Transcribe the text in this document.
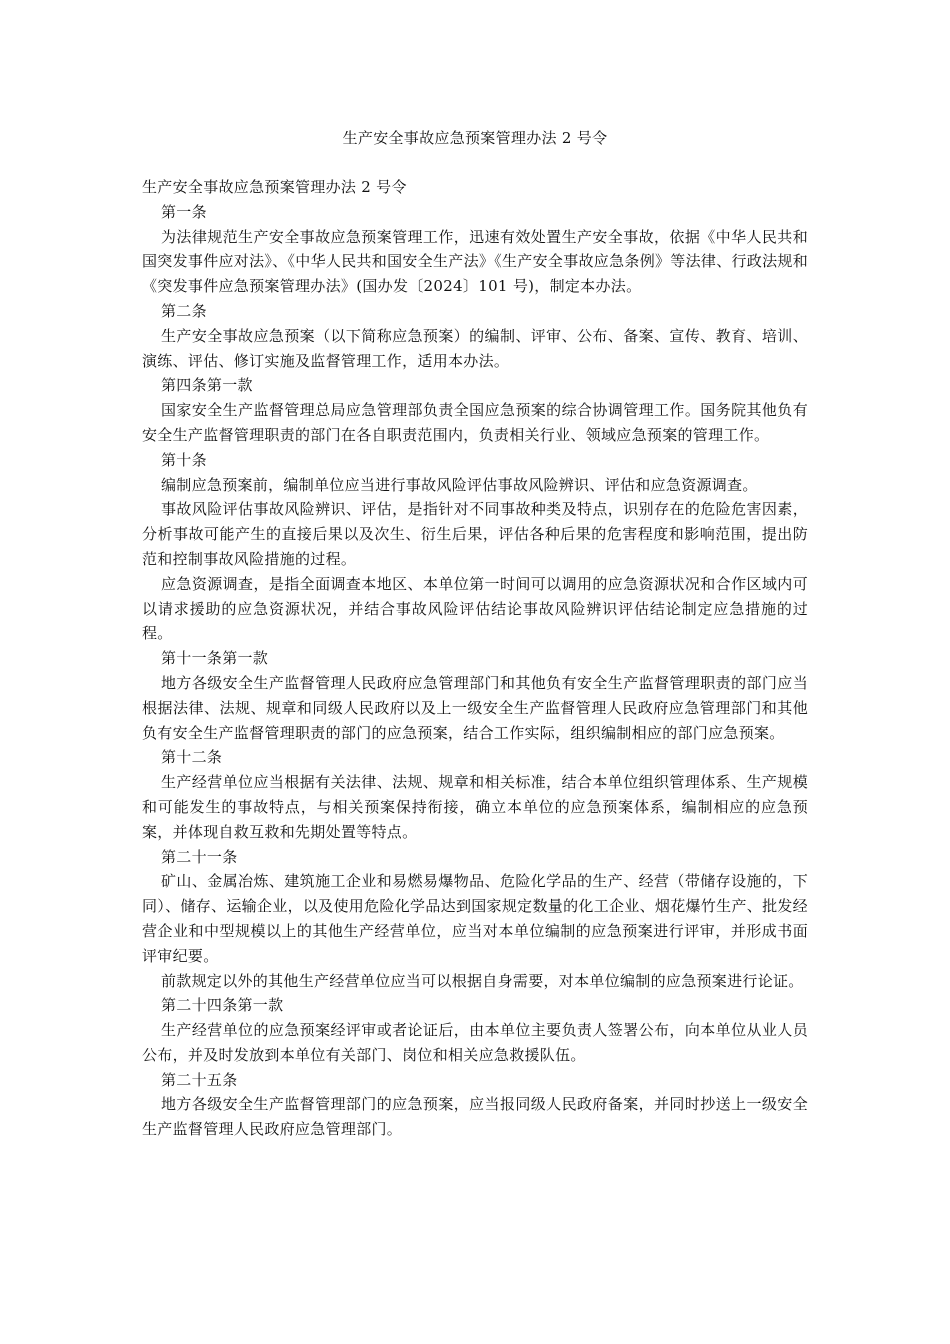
生产安全事故应急预案管理办法 2 号令

生产安全事故应急预案管理办法 2 号令

第一条

为法律规范生产安全事故应急预案管理工作，迅速有效处置生产安全事故，依据《中华人民共和国突发事件应对法》、《中华人民共和国安全生产法》《生产安全事故应急条例》等法律、行政法规和《突发事件应急预案管理办法》(国办发〔2024〕101 号)，制定本办法。

第二条

生产安全事故应急预案（以下简称应急预案）的编制、评审、公布、备案、宣传、教育、培训、演练、评估、修订实施及监督管理工作，适用本办法。

第四条第一款

国家安全生产监督管理总局应急管理部负责全国应急预案的综合协调管理工作。国务院其他负有安全生产监督管理职责的部门在各自职责范围内，负责相关行业、领域应急预案的管理工作。

第十条

编制应急预案前，编制单位应当进行事故风险评估事故风险辨识、评估和应急资源调查。

事故风险评估事故风险辨识、评估，是指针对不同事故种类及特点，识别存在的危险危害因素，分析事故可能产生的直接后果以及次生、衍生后果，评估各种后果的危害程度和影响范围，提出防范和控制事故风险措施的过程。

应急资源调查，是指全面调查本地区、本单位第一时间可以调用的应急资源状况和合作区域内可以请求援助的应急资源状况，并结合事故风险评估结论事故风险辨识评估结论制定应急措施的过程。

第十一条第一款

地方各级安全生产监督管理人民政府应急管理部门和其他负有安全生产监督管理职责的部门应当根据法律、法规、规章和同级人民政府以及上一级安全生产监督管理人民政府应急管理部门和其他负有安全生产监督管理职责的部门的应急预案，结合工作实际，组织编制相应的部门应急预案。

第十二条

生产经营单位应当根据有关法律、法规、规章和相关标准，结合本单位组织管理体系、生产规模和可能发生的事故特点，与相关预案保持衔接，确立本单位的应急预案体系，编制相应的应急预案，并体现自救互救和先期处置等特点。

第二十一条

矿山、金属冶炼、建筑施工企业和易燃易爆物品、危险化学品的生产、经营（带储存设施的，下同）、储存、运输企业，以及使用危险化学品达到国家规定数量的化工企业、烟花爆竹生产、批发经营企业和中型规模以上的其他生产经营单位，应当对本单位编制的应急预案进行评审，并形成书面评审纪要。

前款规定以外的其他生产经营单位应当可以根据自身需要，对本单位编制的应急预案进行论证。

第二十四条第一款

生产经营单位的应急预案经评审或者论证后，由本单位主要负责人签署公布，向本单位从业人员公布，并及时发放到本单位有关部门、岗位和相关应急救援队伍。

第二十五条

地方各级安全生产监督管理部门的应急预案，应当报同级人民政府备案，并同时抄送上一级安全生产监督管理人民政府应急管理部门。
